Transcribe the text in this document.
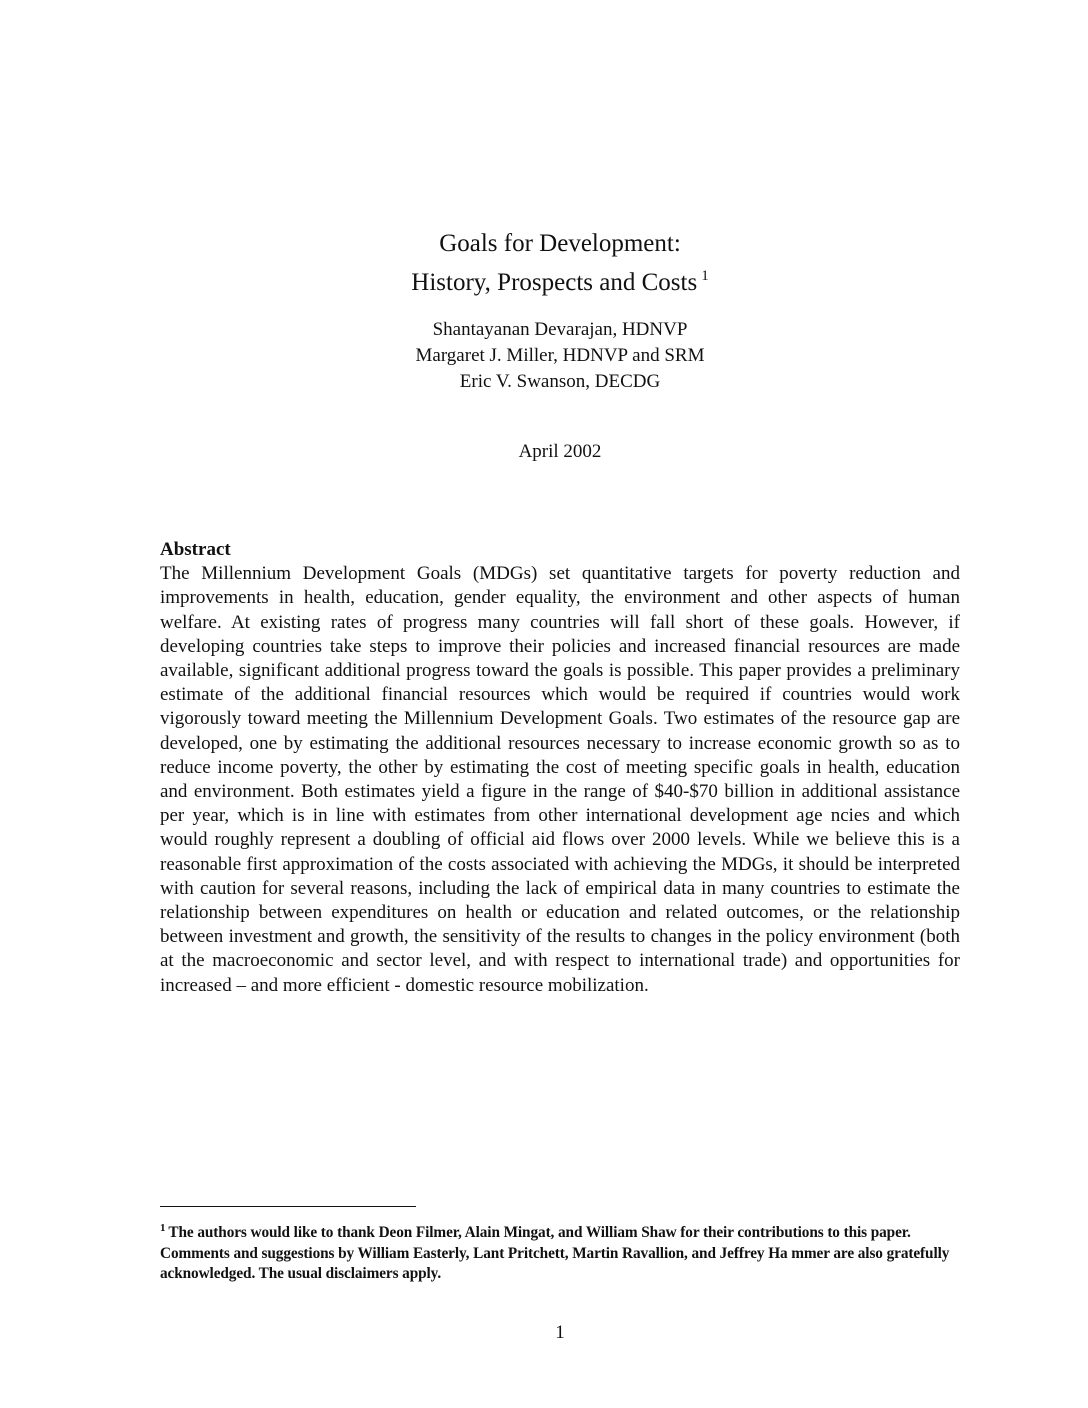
Goals for Development:
History, Prospects and Costs $^1$
Shantayanan Devarajan, HDNVP
Margaret J. Miller, HDNVP and SRM
Eric V. Swanson, DECDG
April 2002
Abstract
The Millennium Development Goals (MDGs) set quantitative targets for poverty reduction and improvements in health, education, gender equality, the environment and other aspects of human welfare. At existing rates of progress many countries will fall short of these goals. However, if developing countries take steps to improve their policies and increased financial resources are made available, significant additional progress toward the goals is possible. This paper provides a preliminary estimate of the additional financial resources which would be required if countries would work vigorously toward meeting the Millennium Development Goals. Two estimates of the resource gap are developed, one by estimating the additional resources necessary to increase economic growth so as to reduce income poverty, the other by estimating the cost of meeting specific goals in health, education and environment. Both estimates yield a figure in the range of $40-$70 billion in additional assistance per year, which is in line with estimates from other international development age ncies and which would roughly represent a doubling of official aid flows over 2000 levels. While we believe this is a reasonable first approximation of the costs associated with achieving the MDGs, it should be interpreted with caution for several reasons, including the lack of empirical data in many countries to estimate the relationship between expenditures on health or education and related outcomes, or the relationship between investment and growth, the sensitivity of the results to changes in the policy environment (both at the macroeconomic and sector level, and with respect to international trade) and opportunities for increased – and more efficient - domestic resource mobilization.
$^1$ The authors would like to thank Deon Filmer, Alain Mingat, and William Shaw for their contributions to this paper. Comments and suggestions by William Easterly, Lant Pritchett, Martin Ravallion, and Jeffrey Ha mmer are also gratefully acknowledged. The usual disclaimers apply.
1
